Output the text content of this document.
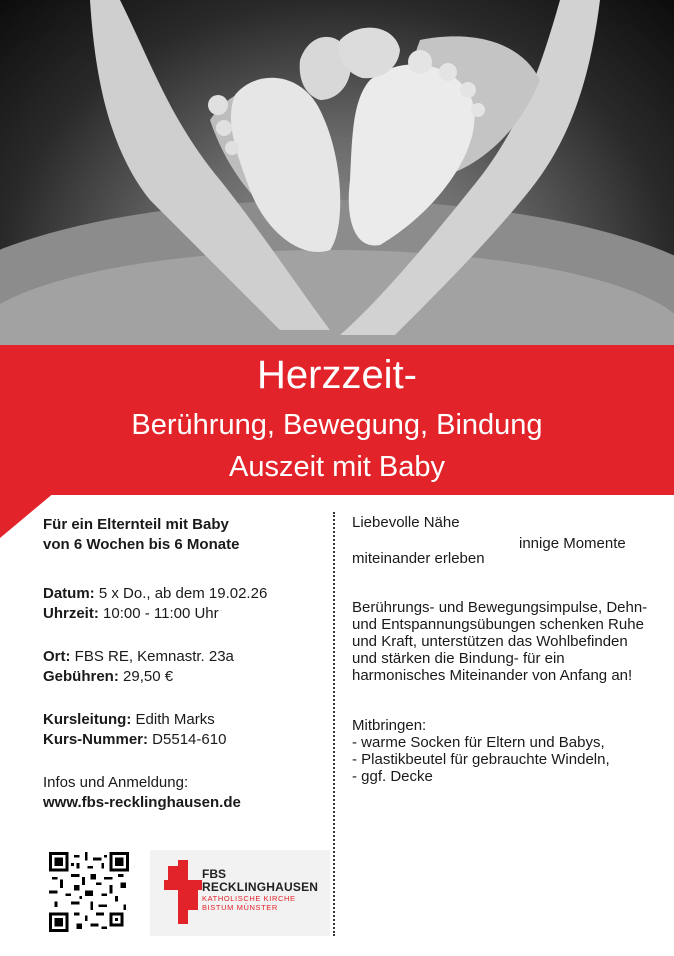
Herzzeit-
Berührung, Bewegung, Bindung
Auszeit mit Baby

Für ein Elternteil mit Baby

von 6 Wochen bis 6 Monate

Datum: 5 x Do., ab dem 19.02.26

Uhrzeit: 10:00 - 11:00 Uhr

Ort: FBS RE, Kemnastr. 23a

Gebühren: 29,50 €

Kursleitung: Edith Marks

Kurs-Nummer: D5514-610

Infos und Anmeldung:

www.fbs-recklinghausen.de

Liebevolle Nähe

innige Momente

miteinander erleben

Berührungs- und Bewegungsimpulse, Dehn- und Entspannungsübungen schenken Ruhe und Kraft, unterstützen das Wohlbefinden und stärken die Bindung- für ein harmonisches Miteinander von Anfang an!

Mitbringen:

- warme Socken für Eltern und Babys,

- Plastikbeutel für gebrauchte Windeln,

- ggf. Decke

FBS
RECKLINGHAUSEN
KATHOLISCHE KIRCHE
BISTUM MÜNSTER
